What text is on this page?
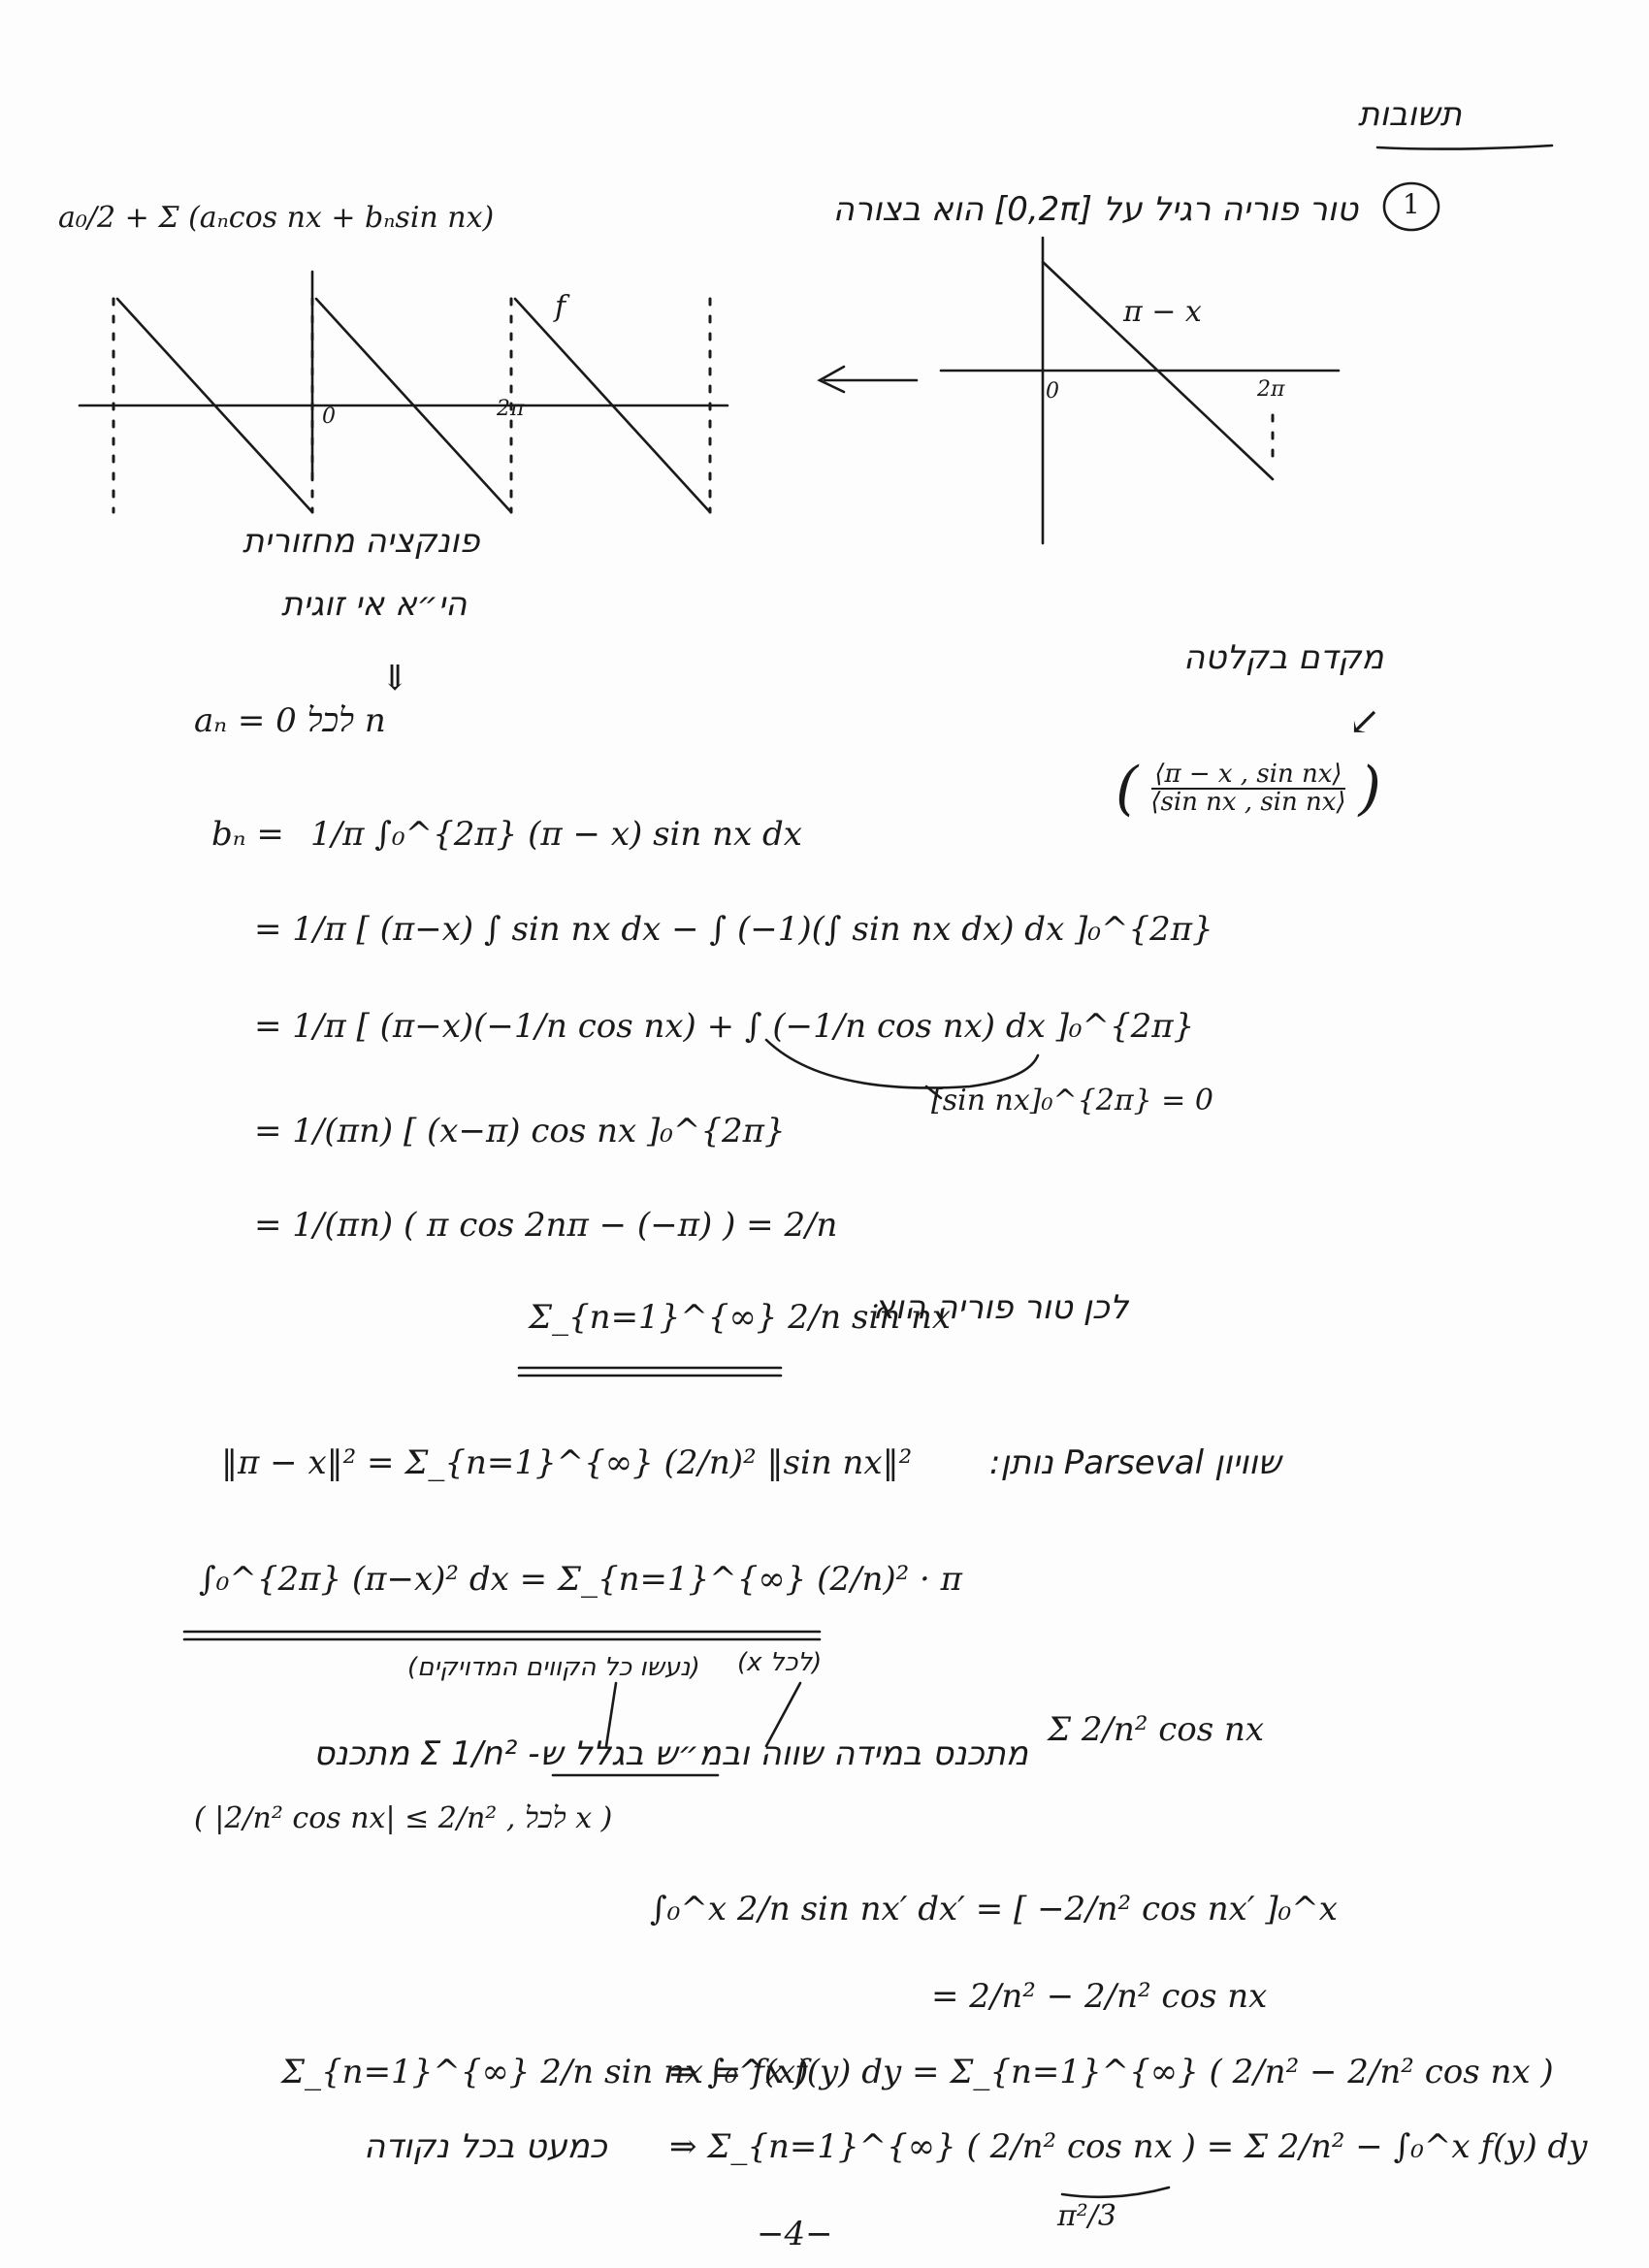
תשובות
1
טור פוריה רגיל על [0,2π] הוא בצורה
a₀/2 + Σ (aₙcos nx + bₙsin nx)
π − x
0	2π
f
0	2π
פונקציה מחזורית
הי״א אי זוגית
⇓
מקדם בקלטה
↙
( $\frac{\text{⟨π − x , sin nx⟩}}{\text{⟨sin nx , sin nx⟩}}$ )
aₙ = 0 לכל n
bₙ = 1/π ∫₀^{2π} (π − x) sin nx dx
= 1/π [ (π−x) ∫ sin nx dx − ∫ (−1)(∫ sin nx dx) dx ]₀^{2π}
= 1/π [ (π−x)(−1/n cos nx) + ∫ (−1/n cos nx) dx ]₀^{2π}
[sin nx]₀^{2π} = 0
= 1/(πn) [ (x−π) cos nx ]₀^{2π}
= 1/(πn) ( π cos 2nπ − (−π) ) = 2/n
לכן טור פוריה הוא
Σ_{n=1}^{∞} 2/n sin nx
שוויון Parseval נותן:
‖π − x‖² = Σ_{n=1}^{∞} (2/n)² ‖sin nx‖²
∫₀^{2π} (π−x)² dx = Σ_{n=1}^{∞} (2/n)² · π
(נעשו כל הקווים המדויקים) (לכל x)
Σ 2/n² cos nx
מתכנס במידה שווה ובמ״ש בגלל ש- Σ 1/n² מתכנס
( |2/n² cos nx| ≤ 2/n² , לכל x )
∫₀^x 2/n sin nx′ dx′ = [ −2/n² cos nx′ ]₀^x
= 2/n² − 2/n² cos nx
Σ_{n=1}^{∞} 2/n sin nx = f(x)
⇒ ∫₀^x f(y) dy = Σ_{n=1}^{∞} ( 2/n² − 2/n² cos nx )
כמעט בכל נקודה ⇒ Σ_{n=1}^{∞} ( 2/n² cos nx ) = Σ 2/n² − ∫₀^x f(y) dy
π²/3
−4−
